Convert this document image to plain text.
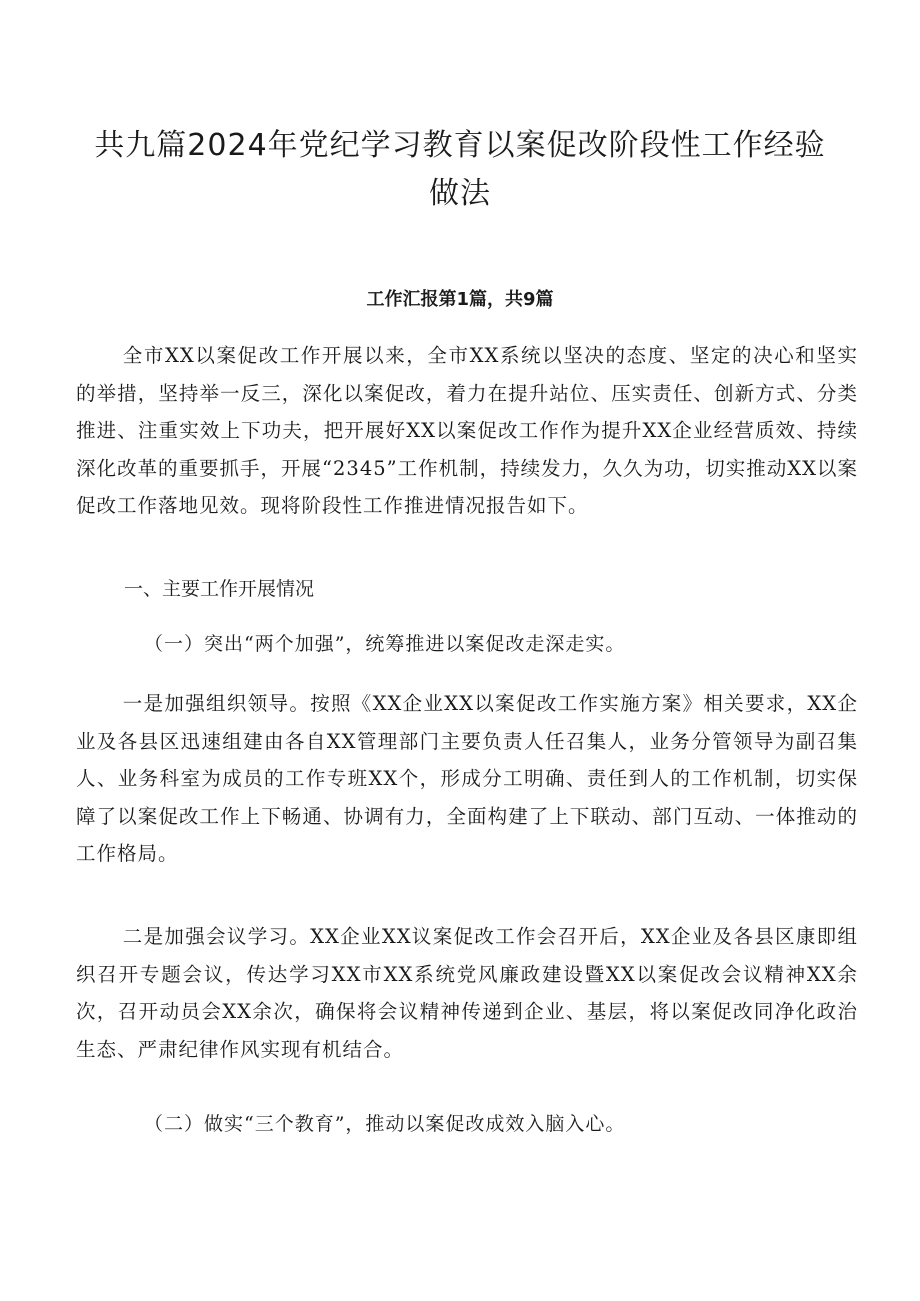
共九篇2024年党纪学习教育以案促改阶段性工作经验做法
工作汇报第1篇，共9篇

全市XX以案促改工作开展以来，全市XX系统以坚决的态度、坚定的决心和坚实的举措，坚持举一反三，深化以案促改，着力在提升站位、压实责任、创新方式、分类推进、注重实效上下功夫，把开展好XX以案促改工作作为提升XX企业经营质效、持续深化改革的重要抓手，开展“2345”工作机制，持续发力，久久为功，切实推动XX以案促改工作落地见效。现将阶段性工作推进情况报告如下。

一、主要工作开展情况

（一）突出“两个加强”，统筹推进以案促改走深走实。

一是加强组织领导。按照《XX企业XX以案促改工作实施方案》相关要求，XX企业及各县区迅速组建由各自XX管理部门主要负责人任召集人，业务分管领导为副召集人、业务科室为成员的工作专班XX个，形成分工明确、责任到人的工作机制，切实保障了以案促改工作上下畅通、协调有力，全面构建了上下联动、部门互动、一体推动的工作格局。

二是加强会议学习。XX企业XX议案促改工作会召开后，XX企业及各县区康即组织召开专题会议，传达学习XX市XX系统党风廉政建设暨XX以案促改会议精神XX余次，召开动员会XX余次，确保将会议精神传递到企业、基层，将以案促改同净化政治生态、严肃纪律作风实现有机结合。

（二）做实“三个教育”，推动以案促改成效入脑入心。
